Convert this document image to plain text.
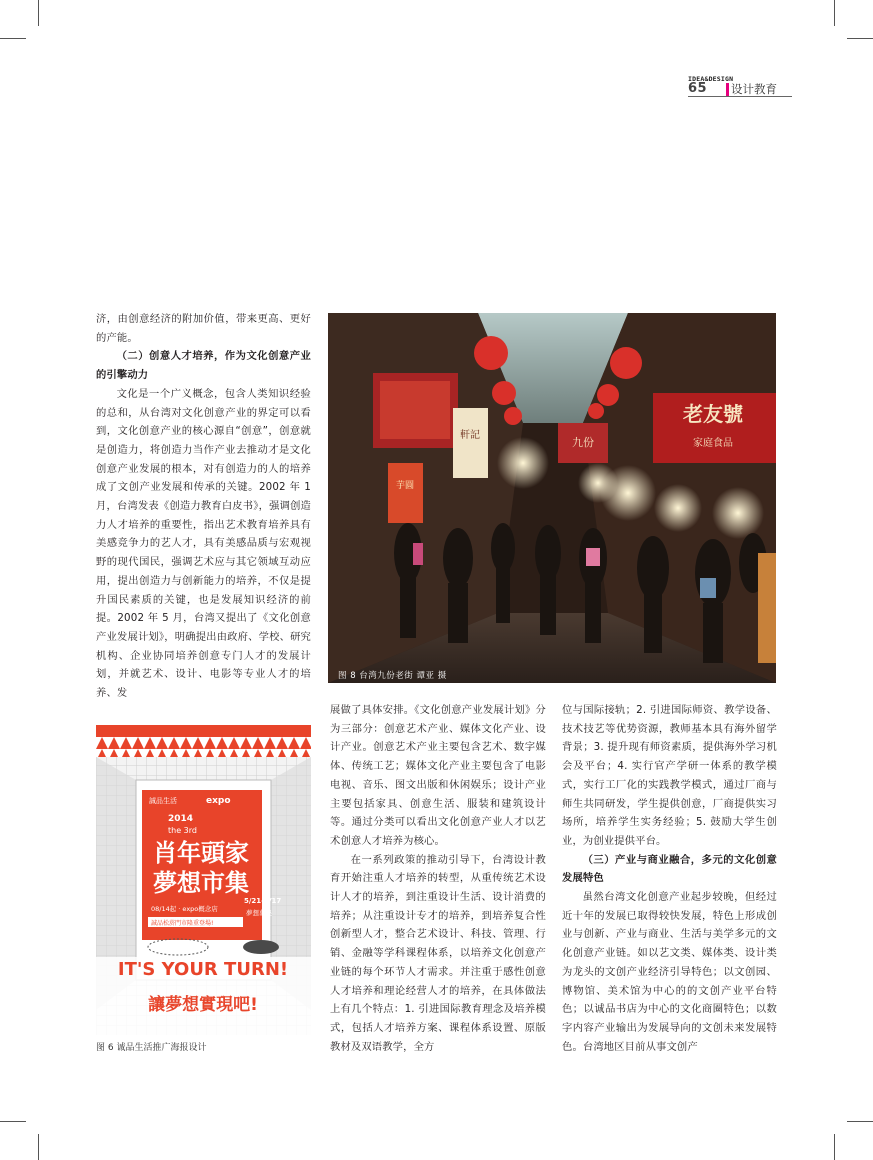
IDEA&DESIGN
65 设计教育

济，由创意经济的附加价值，带来更高、更好的产能。

（二）创意人才培养，作为文化创意产业的引擎动力

文化是一个广义概念，包含人类知识经验的总和，从台湾对文化创意产业的界定可以看到，文化创意产业的核心源自“创意”，创意就是创造力，将创造力当作产业去推动才是文化创意产业发展的根本，对有创造力的人的培养成了文创产业发展和传承的关键。2002 年 1 月，台湾发表《创造力教育白皮书》，强调创造力人才培养的重要性，指出艺术教育培养具有美感竞争力的艺人才，具有美感品质与宏观视野的现代国民，强调艺术应与其它领域互动应用，提出创造力与创新能力的培养，不仅是提升国民素质的关键，也是发展知识经济的前提。2002 年 5 月，台湾又提出了《文化创意产业发展计划》，明确提出由政府、学校、研究机构、企业协同培养创意专门人才的发展计划，并就艺术、设计、电影等专业人才的培养、发

老友號
家庭食品
九份
軒記
芋圓
图 8 台湾九份老街 谭亚 摄
誠品生活	expo
2014
the 3rd
肖年頭家
夢想市集
08/14起 · expo概念店
誠品松菸門市隆重登場!
5/21-6/17
夢想募集
IT'S YOUR TURN!
讓夢想實現吧!
图 6 诚品生活推广海报设计

展做了具体安排。《文化创意产业发展计划》分为三部分：创意艺术产业、媒体文化产业、设计产业。创意艺术产业主要包含艺术、数字媒体、传统工艺；媒体文化产业主要包含了电影电视、音乐、图文出版和休闲娱乐；设计产业主要包括家具、创意生活、服装和建筑设计等。通过分类可以看出文化创意产业人才以艺术创意人才培养为核心。

在一系列政策的推动引导下，台湾设计教育开始注重人才培养的转型，从重传统艺术设计人才的培养，到注重设计生活、设计消费的培养；从注重设计专才的培养，到培养复合性创新型人才，整合艺术设计、科技、管理、行销、金融等学科课程体系，以培养文化创意产业链的每个环节人才需求。并注重于感性创意人才培养和理论经营人才的培养，在具体做法上有几个特点：1. 引进国际教育理念及培养模式，包括人才培养方案、课程体系设置、原版教材及双语教学，全方

位与国际接轨；2. 引进国际师资、教学设备、技术技艺等优势资源，教师基本具有海外留学背景；3. 提升现有师资素质，提供海外学习机会及平台；4. 实行官产学研一体系的教学模式，实行工厂化的实践教学模式，通过厂商与师生共同研发，学生提供创意，厂商提供实习场所，培养学生实务经验；5. 鼓励大学生创业，为创业提供平台。

（三）产业与商业融合，多元的文化创意发展特色

虽然台湾文化创意产业起步较晚，但经过近十年的发展已取得较快发展，特色上形成创业与创新、产业与商业、生活与美学多元的文化创意产业链。如以艺文类、媒体类、设计类为龙头的文创产业经济引导特色；以文创园、博物馆、美术馆为中心的的文创产业平台特色；以诚品书店为中心的文化商圈特色；以数字内容产业输出为发展导向的文创未来发展特色。台湾地区目前从事文创产
